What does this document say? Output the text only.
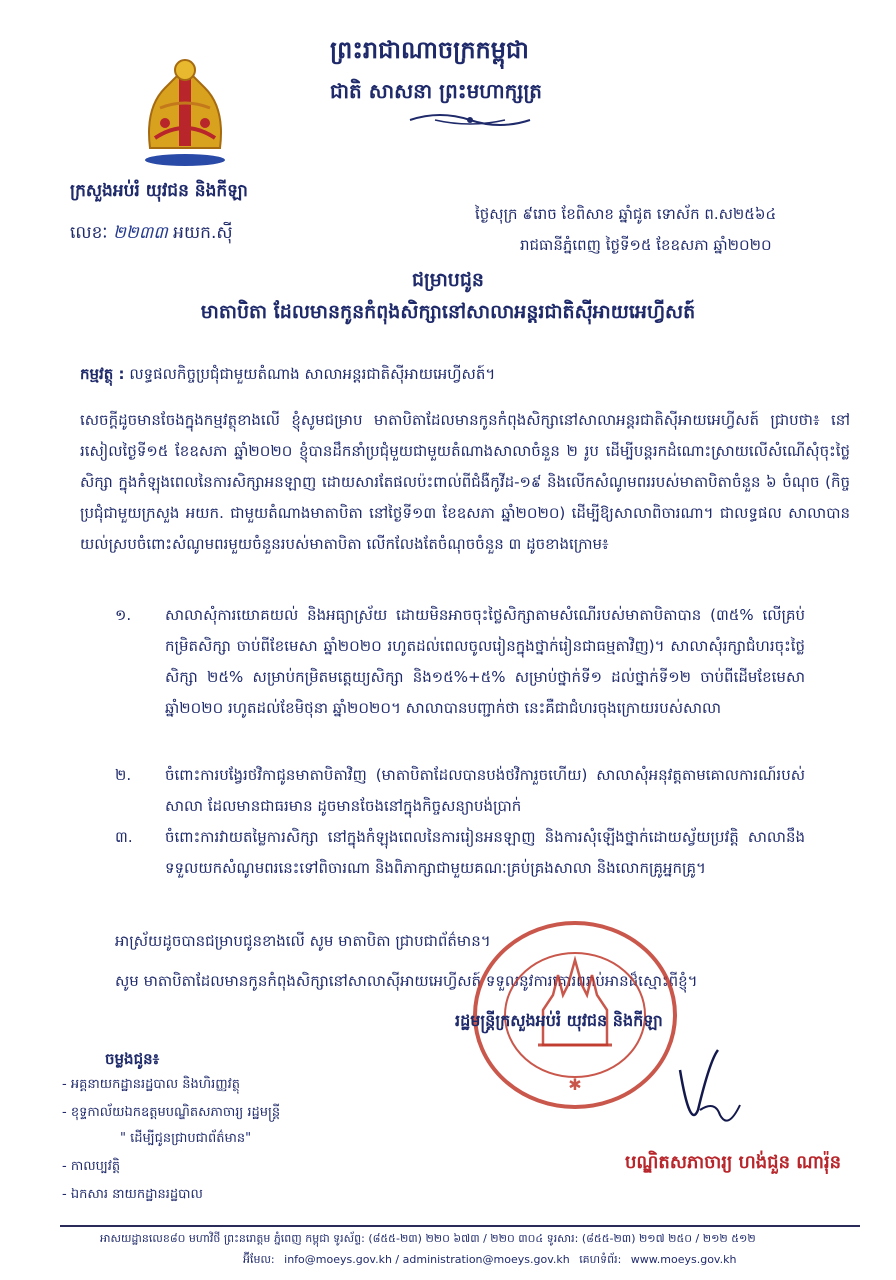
ព្រះរាជាណាចក្រកម្ពុជា
ជាតិ សាសនា ព្រះមហាក្សត្រ
ក្រសួងអប់រំ យុវជន និងកីឡា
លេខៈ ២២៣៣ អយក.ស៊ី
ថ្ងៃសុក្រ ៩រោច ខែពិសាខ ឆ្នាំជូត ទោស័ក ព.ស២៥៦៤
រាជធានីភ្នំពេញ ថ្ងៃទី១៥ ខែឧសភា ឆ្នាំ២០២០
ជម្រាបជូន
មាតាបិតា ដែលមានកូនកំពុងសិក្សានៅសាលាអន្តរជាតិស៊ីអាយអេហ្វីសត៍
កម្មវត្ថុ : លទ្ធផលកិច្ចប្រជុំជាមួយតំណាង សាលាអន្តរជាតិស៊ីអាយអេហ្វីសត៍។
សេចក្តីដូចមានចែងក្នុងកម្មវត្ថុខាងលើ ខ្ញុំសូមជម្រាប មាតាបិតាដែលមានកូនកំពុងសិក្សានៅសាលាអន្តរជាតិស៊ីអាយអេហ្វីសត៍ ជ្រាបថា៖ នៅរសៀលថ្ងៃទី១៥ ខែឧសភា ឆ្នាំ២០២០ ខ្ញុំបានដឹកនាំប្រជុំមួយជាមួយតំណាងសាលាចំនួន ២ រូប ដើម្បីបន្តរកដំណោះស្រាយលើសំណើសុំចុះថ្លៃសិក្សា ក្នុងកំឡុងពេលនៃការសិក្សាអនឡាញ ដោយសារតែផលប៉ះពាល់ពីជំងឺកូវីដ-១៩ និងលើកសំណូមពររបស់មាតាបិតាចំនួន ៦ ចំណុច (កិច្ចប្រជុំជាមួយក្រសួង អយក. ជាមួយតំណាងមាតាបិតា នៅថ្ងៃទី១៣ ខែឧសភា ឆ្នាំ២០២០) ដើម្បីឱ្យសាលាពិចារណា។ ជាលទ្ធផល សាលាបានយល់ស្របចំពោះសំណូមពរមួយចំនួនរបស់មាតាបិតា លើកលែងតែចំណុចចំនួន ៣ ដូចខាងក្រោម៖
១.	សាលាសុំការយោគយល់ និងអធ្យាស្រ័យ ដោយមិនអាចចុះថ្លៃសិក្សាតាមសំណើរបស់មាតាបិតាបាន (៣៥% លើគ្រប់កម្រិតសិក្សា ចាប់ពីខែមេសា ឆ្នាំ២០២០ រហូតដល់ពេលចូលរៀនក្នុងថ្នាក់រៀនជាធម្មតាវិញ)។ សាលាសុំរក្សាជំហរចុះថ្លៃសិក្សា ២៥% សម្រាប់កម្រិតមត្តេយ្យសិក្សា និង១៥%+៥% សម្រាប់ថ្នាក់ទី១ ដល់ថ្នាក់ទី១២ ចាប់ពីដើមខែមេសា ឆ្នាំ២០២០ រហូតដល់ខែមិថុនា ឆ្នាំ២០២០។ សាលាបានបញ្ជាក់ថា នេះគឺជាជំហរចុងក្រោយរបស់សាលា
២.	ចំពោះការបង្វែរថវិកាជូនមាតាបិតាវិញ (មាតាបិតាដែលបានបង់ថវិការួចហើយ) សាលាសុំអនុវត្តតាមគោលការណ៍របស់សាលា ដែលមានជាធរមាន ដូចមានចែងនៅក្នុងកិច្ចសន្យាបង់ប្រាក់
៣.	ចំពោះការវាយតម្លៃការសិក្សា នៅក្នុងកំឡុងពេលនៃការរៀនអនឡាញ និងការសុំឡើងថ្នាក់ដោយស្វ័យប្រវត្តិ សាលានឹងទទួលយកសំណូមពរនេះទៅពិចារណា និងពិភាក្សាជាមួយគណៈគ្រប់គ្រងសាលា និងលោកគ្រូអ្នកគ្រូ។
អាស្រ័យដូចបានជម្រាបជូនខាងលើ សូម មាតាបិតា ជ្រាបជាព័ត៌មាន។
សូម មាតាបិតាដែលមានកូនកំពុងសិក្សានៅសាលាស៊ីអាយអេហ្វីសត៍ ទទួលនូវការគោរពរាប់អានដ៏ស្មោះពីខ្ញុំ។
✱
រដ្ឋមន្ត្រីក្រសួងអប់រំ យុវជន និងកីឡា
បណ្ឌិតសភាចារ្យ ហង់ជួន ណារ៉ុន
ចម្លងជូន៖
- អគ្គនាយកដ្ឋានរដ្ឋបាល និងហិរញ្ញវត្ថុ
- ខុទ្ទកាល័យឯកឧត្តមបណ្ឌិតសភាចារ្យ រដ្ឋមន្ត្រី
" ដើម្បីជូនជ្រាបជាព័ត៌មាន"
- កាលប្បវត្តិ
- ឯកសារ នាយកដ្ឋានរដ្ឋបាល
អាសយដ្ឋានលេខ៨០ មហាវិថី ព្រះនរោត្តម ភ្នំពេញ កម្ពុជា ទូរស័ព្ទ: (៨៥៥-២៣) ២២០ ៦៧៣ / ២២០ ៣០៤ ទូរសារ: (៨៥៥-២៣) ២១៧ ២៥០ / ២១២ ៥១២
អ៊ីមែល: info@moeys.gov.kh / administration@moeys.gov.kh គេហទំព័រ: www.moeys.gov.kh
